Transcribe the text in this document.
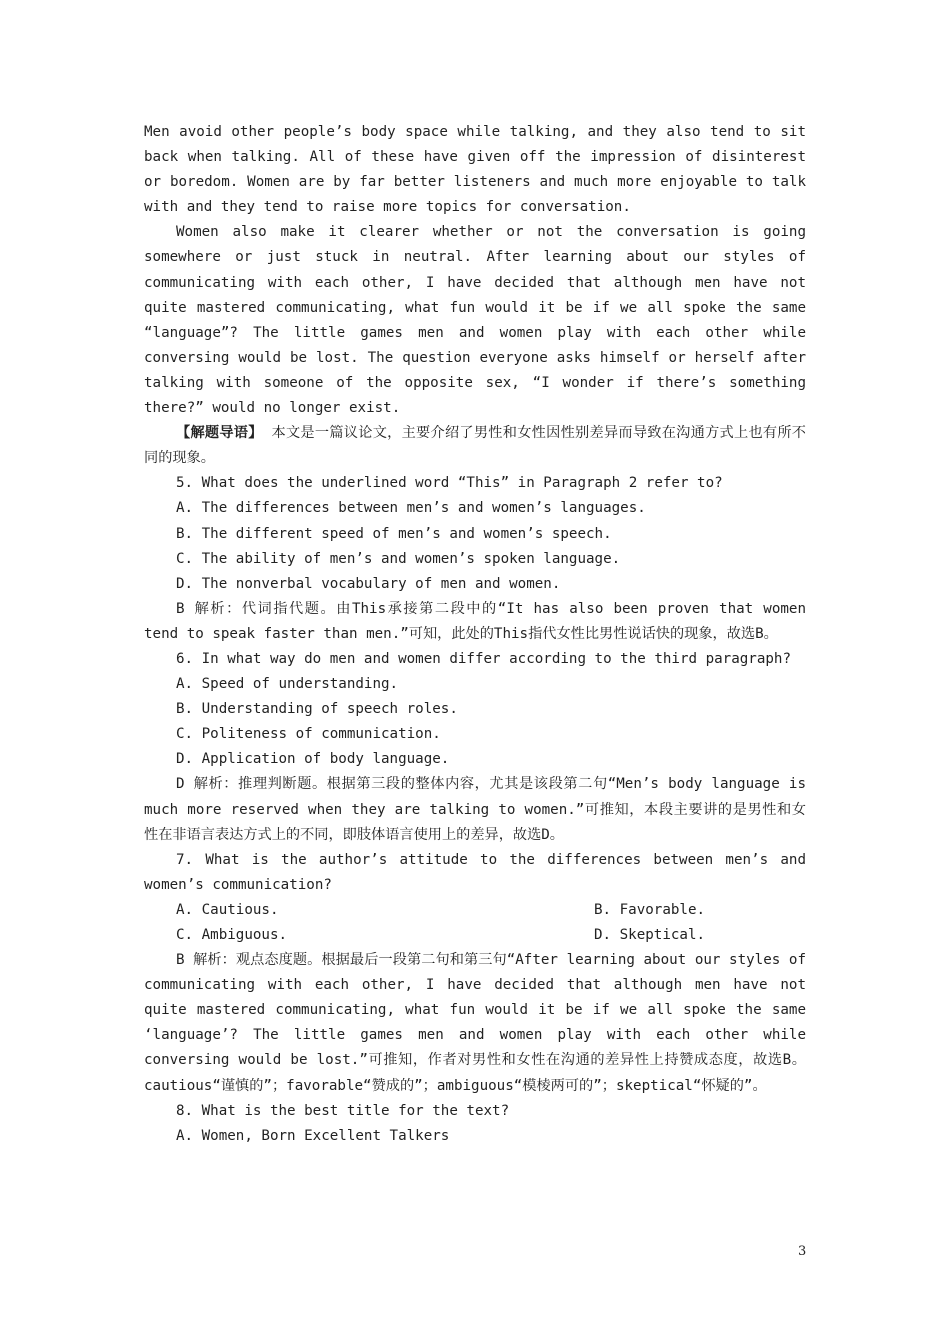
Men avoid other people’s body space while talking, and they also tend to sit back when talking. All of these have given off the impression of disinterest or boredom. Women are by far better listeners and much more enjoyable to talk with and they tend to raise more topics for conversation.

Women also make it clearer whether or not the conversation is going somewhere or just stuck in neutral. After learning about our styles of communicating with each other, I have decided that although men have not quite mastered communicating, what fun would it be if we all spoke the same “language”? The little games men and women play with each other while conversing would be lost. The question everyone asks himself or herself after talking with someone of the opposite sex, “I wonder if there’s something there?” would no longer exist.

【解题导语】 本文是一篇议论文，主要介绍了男性和女性因性别差异而导致在沟通方式上也有所不同的现象。

5. What does the underlined word “This” in Paragraph 2 refer to?

A. The differences between men’s and women’s languages.

B. The different speed of men’s and women’s speech.

C. The ability of men’s and women’s spoken language.

D. The nonverbal vocabulary of men and women.

B 解析：代词指代题。由This承接第二段中的“It has also been proven that women tend to speak faster than men.”可知，此处的This指代女性比男性说话快的现象，故选B。

6. In what way do men and women differ according to the third paragraph?

A. Speed of understanding.

B. Understanding of speech roles.

C. Politeness of communication.

D. Application of body language.

D 解析：推理判断题。根据第三段的整体内容，尤其是该段第二句“Men’s body language is much more reserved when they are talking to women.”可推知，本段主要讲的是男性和女性在非语言表达方式上的不同，即肢体语言使用上的差异，故选D。

7. What is the author’s attitude to the differences between men’s and women’s communication?

A. Cautious.	B. Favorable.
C. Ambiguous.	D. Skeptical.

B 解析：观点态度题。根据最后一段第二句和第三句“After learning about our styles of communicating with each other, I have decided that although men have not quite mastered communicating, what fun would it be if we all spoke the same ‘language’? The little games men and women play with each other while conversing would be lost.”可推知，作者对男性和女性在沟通的差异性上持赞成态度，故选B。cautious“谨慎的”；favorable“赞成的”；ambiguous“模棱两可的”；skeptical“怀疑的”。

8. What is the best title for the text?

A. Women, Born Excellent Talkers

3
